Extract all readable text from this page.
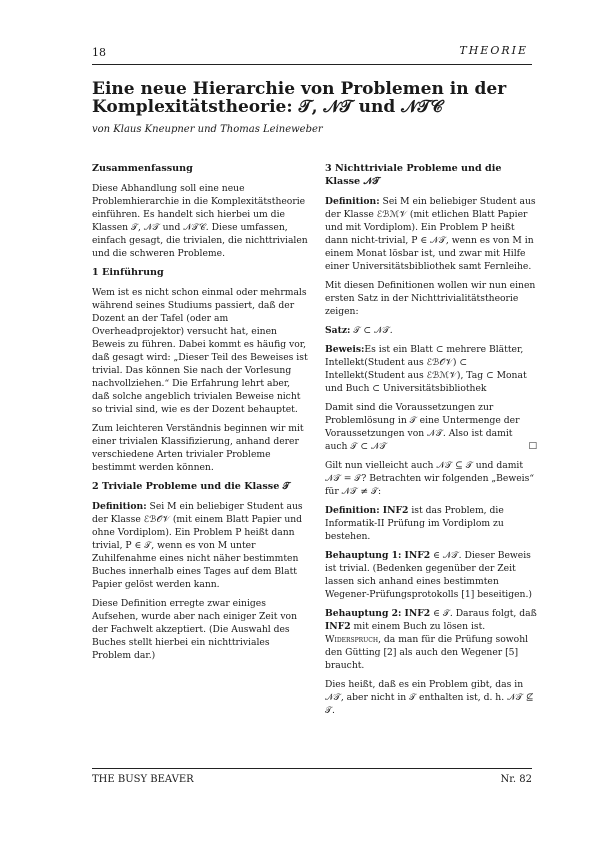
18	THEORIE
Eine neue Hierarchie von Problemen in der Komplexitätstheorie: 𝒯, 𝒩𝒯 und 𝒩𝒯𝒞
von Klaus Kneupner und Thomas Leineweber
Zusammenfassung

Diese Abhandlung soll eine neue Problemhierarchie in die Komplexitätstheorie einführen. Es handelt sich hierbei um die Klassen 𝒯, 𝒩𝒯 und 𝒩𝒯𝒞. Diese umfassen, einfach gesagt, die trivialen, die nichttrivialen und die schweren Probleme.

1 Einführung

Wem ist es nicht schon einmal oder mehrmals während seines Studiums passiert, daß der Dozent an der Tafel (oder am Overheadprojektor) versucht hat, einen Beweis zu führen. Dabei kommt es häufig vor, daß gesagt wird: „Dieser Teil des Beweises ist trivial. Das können Sie nach der Vorlesung nachvollziehen.“ Die Erfahrung lehrt aber, daß solche angeblich trivialen Beweise nicht so trivial sind, wie es der Dozent behauptet.

Zum leichteren Verständnis beginnen wir mit einer trivialen Klassifizierung, anhand derer verschiedene Arten trivialer Probleme bestimmt werden können.

2 Triviale Probleme und die Klasse 𝒯

Definition: Sei M ein beliebiger Student aus der Klasse ℰℬ𝒪𝒱 (mit einem Blatt Papier und ohne Vordiplom). Ein Problem P heißt dann trivial, P ∈ 𝒯, wenn es von M unter Zuhilfenahme eines nicht näher bestimmten Buches innerhalb eines Tages auf dem Blatt Papier gelöst werden kann.

Diese Definition erregte zwar einiges Aufsehen, wurde aber nach einiger Zeit von der Fachwelt akzeptiert. (Die Auswahl des Buches stellt hierbei ein nichttriviales Problem dar.)

3 Nichttriviale Probleme und die Klasse 𝒩𝒯

Definition: Sei M ein beliebiger Student aus der Klasse ℰℬℳ𝒱 (mit etlichen Blatt Papier und mit Vordiplom). Ein Problem P heißt dann nicht-trivial, P ∈ 𝒩𝒯, wenn es von M in einem Monat lösbar ist, und zwar mit Hilfe einer Universitätsbibliothek samt Fernleihe.

Mit diesen Definitionen wollen wir nun einen ersten Satz in der Nichttrivialitätstheorie zeigen:

Satz: 𝒯 ⊂ 𝒩𝒯.

Beweis:Es ist ein Blatt ⊂ mehrere Blätter, Intellekt(Student aus ℰℬ𝒪𝒱) ⊂ Intellekt(Student aus ℰℬℳ𝒱), Tag ⊂ Monat und Buch ⊂ Universitätsbibliothek

Damit sind die Voraussetzungen zur Problemlösung in 𝒯 eine Untermenge der Voraussetzungen von 𝒩𝒯. Also ist damit auch 𝒯 ⊂ 𝒩𝒯	□

Gilt nun vielleicht auch 𝒩𝒯 ⊆ 𝒯 und damit 𝒩𝒯 = 𝒯? Betrachten wir folgenden „Beweis“ für 𝒩𝒯 ≠ 𝒯:

Definition: INF2 ist das Problem, die Informatik-II Prüfung im Vordiplom zu bestehen.

Behauptung 1: INF2 ∈ 𝒩𝒯. Dieser Beweis ist trivial. (Bedenken gegenüber der Zeit lassen sich anhand eines bestimmten Wegener-Prüfungsprotokolls [1] beseitigen.)

Behauptung 2: INF2 ∈ 𝒯. Daraus folgt, daß INF2 mit einem Buch zu lösen ist. Widerspruch, da man für die Prüfung sowohl den Gütting [2] als auch den Wegener [5] braucht.

Dies heißt, daß es ein Problem gibt, das in 𝒩𝒯, aber nicht in 𝒯 enthalten ist, d. h. 𝒩𝒯 ⊈ 𝒯.

THE BUSY BEAVER	Nr. 82
